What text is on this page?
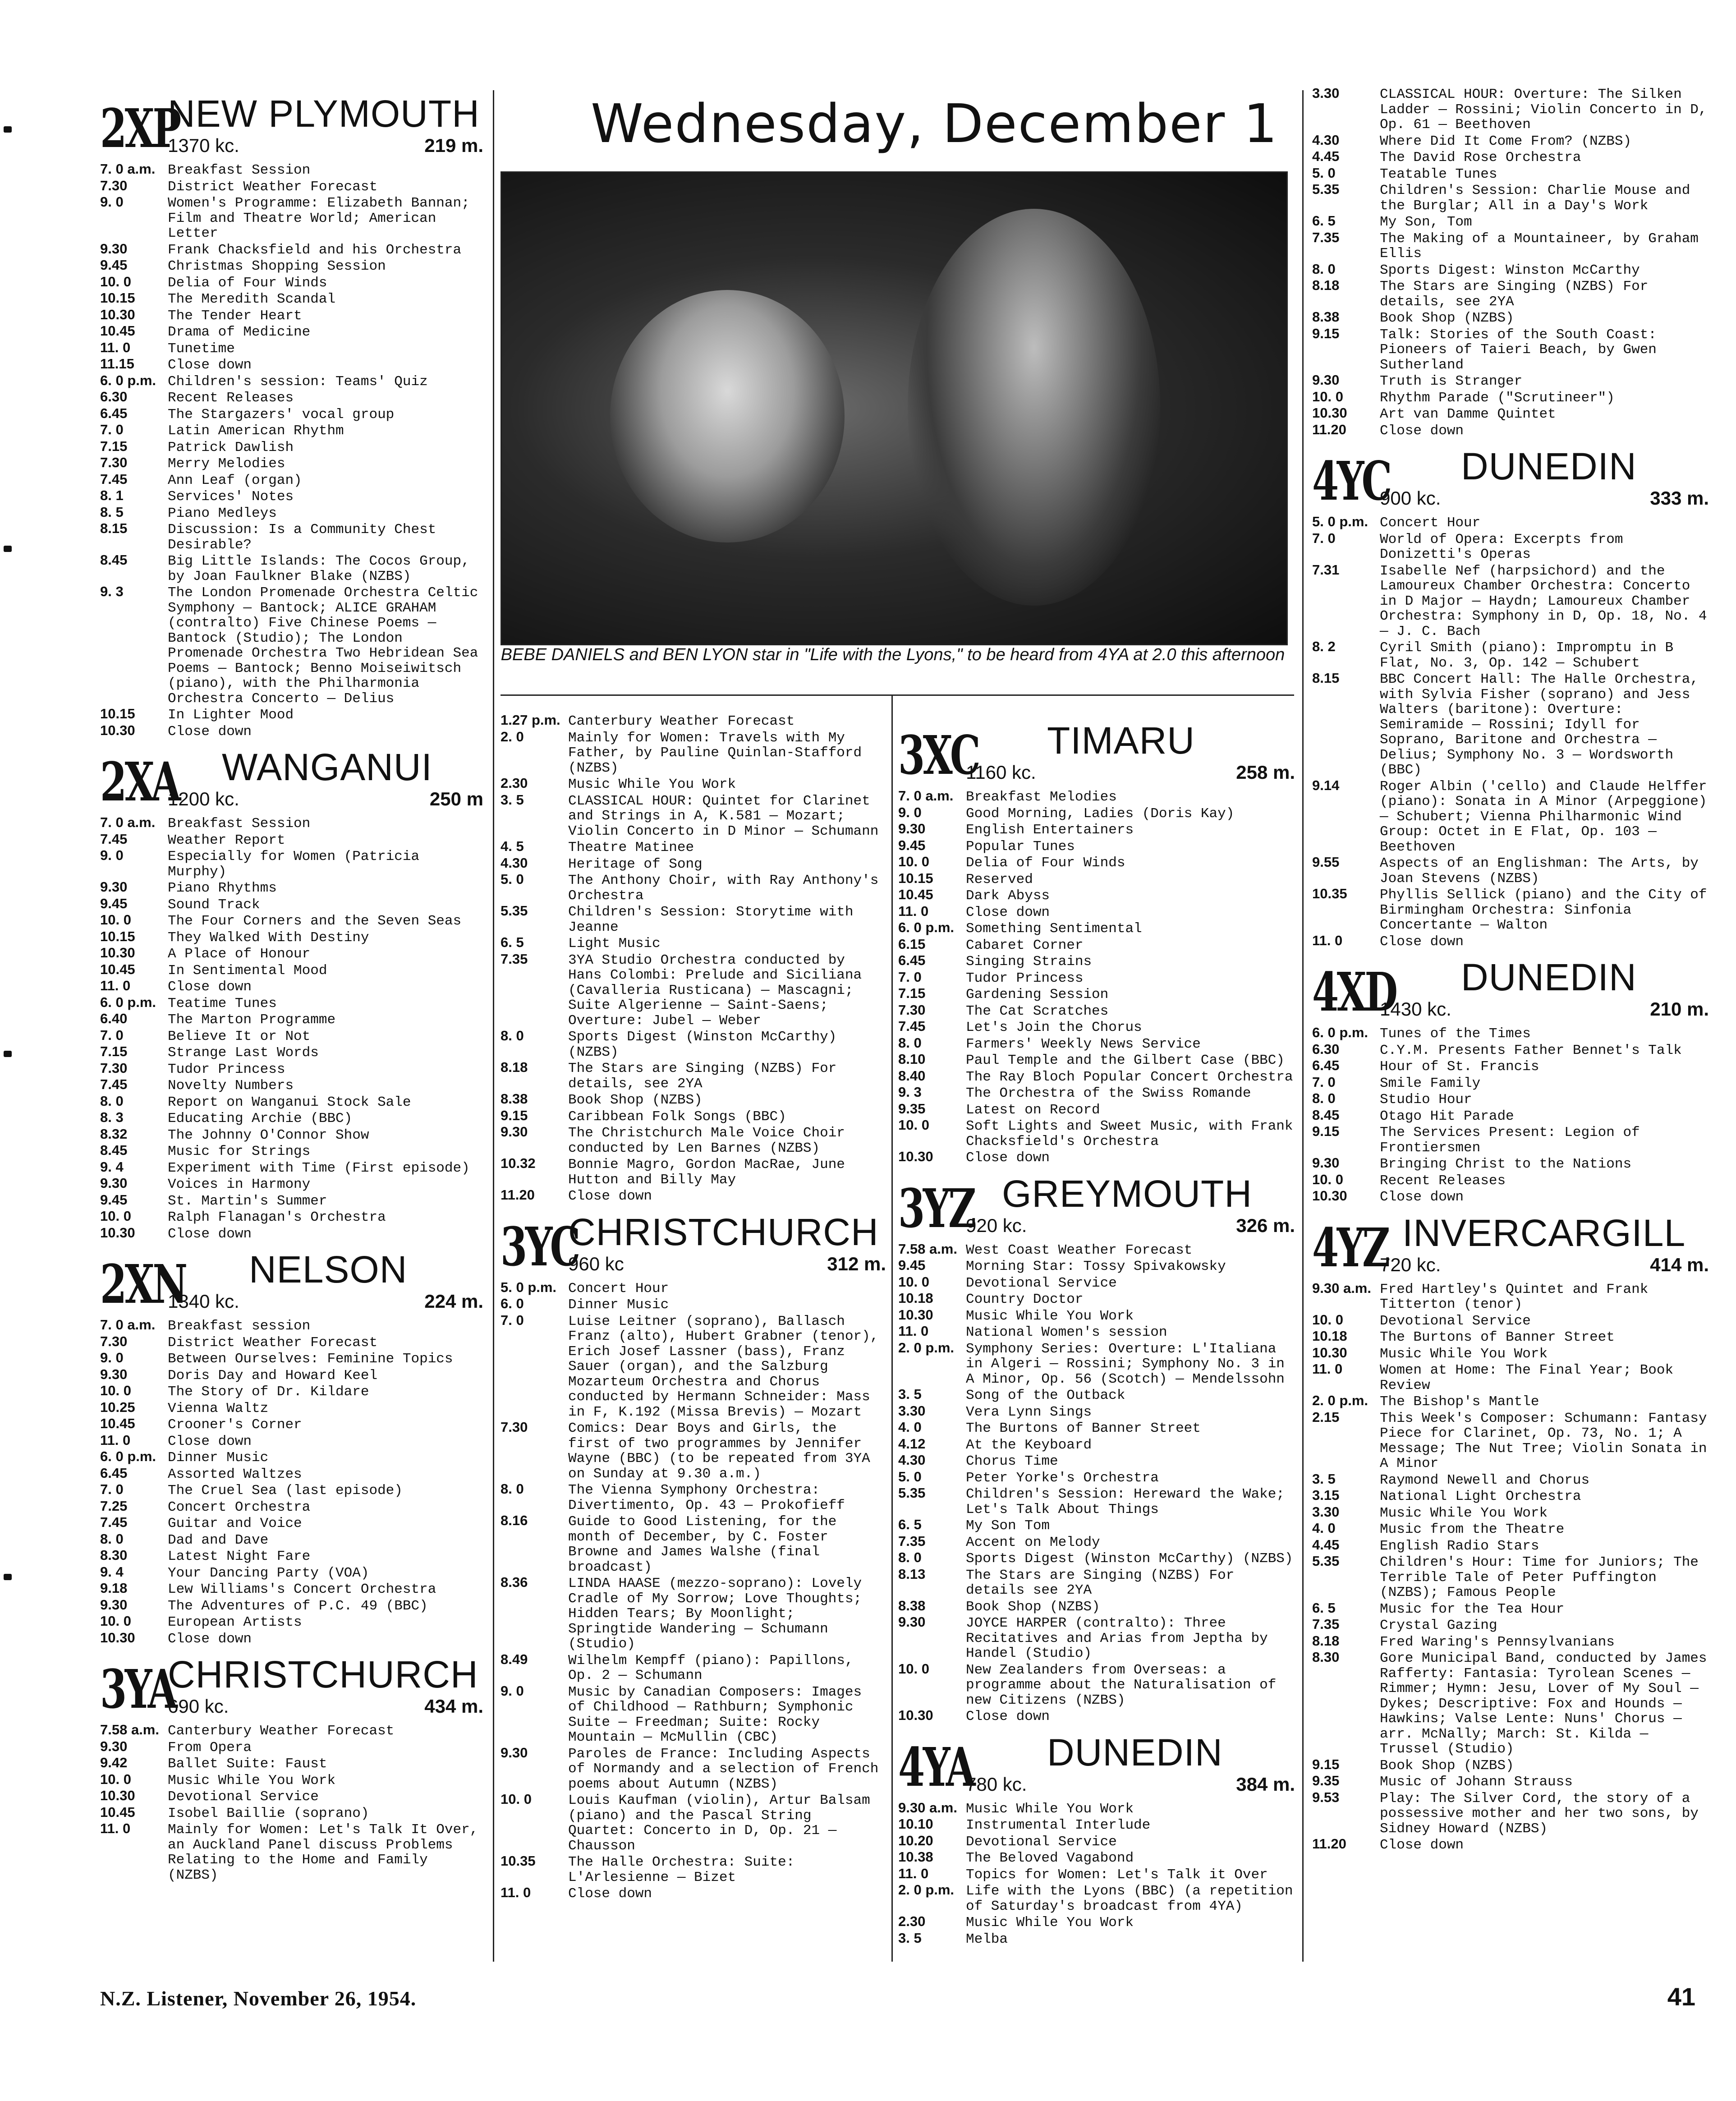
Wednesday, December 1
BEBE DANIELS and BEN LYON star in "Life with the Lyons," to be heard from 4YA at 2.0 this afternoon
2XP
NEW PLYMOUTH
1370 kc.	219 m.
7. 0 a.m. Breakfast Session
7.30	District Weather Forecast
9. 0	Women's Programme: Elizabeth Bannan; Film and Theatre World; American Letter
9.30	Frank Chacksfield and his Orchestra
9.45	Christmas Shopping Session
10. 0	Delia of Four Winds
10.15 The Meredith Scandal
10.30 The Tender Heart
10.45 Drama of Medicine
11. 0	Tunetime
11.15 Close down
6. 0 p.m. Children's session: Teams' Quiz
6.30	Recent Releases
6.45	The Stargazers' vocal group
7. 0	Latin American Rhythm
7.15	Patrick Dawlish
7.30	Merry Melodies
7.45	Ann Leaf (organ)
8. 1	Services' Notes
8. 5	Piano Medleys
8.15	Discussion: Is a Community Chest Desirable?
8.45	Big Little Islands: The Cocos Group, by Joan Faulkner Blake (NZBS)
9. 3	The London Promenade Orchestra Celtic Symphony — Bantock; ALICE GRAHAM (contralto) Five Chinese Poems — Bantock (Studio); The London Promenade Orchestra Two Hebridean Sea Poems — Bantock; Benno Moiseiwitsch (piano), with the Philharmonia Orchestra Concerto — Delius
10.15 In Lighter Mood
10.30 Close down
2XA WANGANUI
1200 kc.	250 m
7. 0 a.m. Breakfast Session
7.45	Weather Report
9. 0	Especially for Women (Patricia Murphy)
9.30	Piano Rhythms
9.45	Sound Track
10. 0	The Four Corners and the Seven Seas
10.15 They Walked With Destiny
10.30 A Place of Honour
10.45 In Sentimental Mood
11. 0	Close down
6. 0 p.m. Teatime Tunes
6.40	The Marton Programme
7. 0	Believe It or Not
7.15	Strange Last Words
7.30	Tudor Princess
7.45	Novelty Numbers
8. 0	Report on Wanganui Stock Sale
8. 3	Educating Archie (BBC)
8.32	The Johnny O'Connor Show
8.45	Music for Strings
9. 4	Experiment with Time (First episode)
9.30	Voices in Harmony
9.45	St. Martin's Summer
10. 0	Ralph Flanagan's Orchestra
10.30 Close down
2XN NELSON
1340 kc.	224 m.
7. 0 a.m. Breakfast session
7.30	District Weather Forecast
9. 0	Between Ourselves: Feminine Topics
9.30	Doris Day and Howard Keel
10. 0	The Story of Dr. Kildare
10.25 Vienna Waltz
10.45 Crooner's Corner
11. 0	Close down
6. 0 p.m. Dinner Music
6.45	Assorted Waltzes
7. 0	The Cruel Sea (last episode)
7.25	Concert Orchestra
7.45	Guitar and Voice
8. 0	Dad and Dave
8.30	Latest Night Fare
9. 4	Your Dancing Party (VOA)
9.18	Lew Williams's Concert Orchestra
9.30	The Adventures of P.C. 49 (BBC)
10. 0	European Artists
10.30 Close down
3YA
CHRISTCHURCH
690 kc.	434 m.
7.58 a.m. Canterbury Weather Forecast
9.30	From Opera
9.42	Ballet Suite: Faust
10. 0	Music While You Work
10.30 Devotional Service
10.45 Isobel Baillie (soprano)
11. 0	Mainly for Women: Let's Talk It Over, an Auckland Panel discuss Problems Relating to the Home and Family (NZBS)
1.27 p.m. Canterbury Weather Forecast
2. 0	Mainly for Women: Travels with My Father, by Pauline Quinlan-Stafford (NZBS)
2.30	Music While You Work
3. 5	CLASSICAL HOUR: Quintet for Clarinet and Strings in A, K.581 — Mozart; Violin Concerto in D Minor — Schumann
4. 5	Theatre Matinee
4.30	Heritage of Song
5. 0	The Anthony Choir, with Ray Anthony's Orchestra
5.35	Children's Session: Storytime with Jeanne
6. 5	Light Music
7.35	3YA Studio Orchestra conducted by Hans Colombi: Prelude and Siciliana (Cavalleria Rusticana) — Mascagni; Suite Algerienne — Saint-Saens; Overture: Jubel — Weber
8. 0	Sports Digest (Winston McCarthy) (NZBS)
8.18	The Stars are Singing (NZBS) For details, see 2YA
8.38	Book Shop (NZBS)
9.15	Caribbean Folk Songs (BBC)
9.30	The Christchurch Male Voice Choir conducted by Len Barnes (NZBS)
10.32 Bonnie Magro, Gordon MacRae, June Hutton and Billy May
11.20 Close down
3YC
CHRISTCHURCH
960 kc	312 m.
5. 0 p.m. Concert Hour
6. 0	Dinner Music
7. 0	Luise Leitner (soprano), Ballasch Franz (alto), Hubert Grabner (tenor), Erich Josef Lassner (bass), Franz Sauer (organ), and the Salzburg Mozarteum Orchestra and Chorus conducted by Hermann Schneider: Mass in F, K.192 (Missa Brevis) — Mozart
7.30	Comics: Dear Boys and Girls, the first of two programmes by Jennifer Wayne (BBC) (to be repeated from 3YA on Sunday at 9.30 a.m.)
8. 0	The Vienna Symphony Orchestra: Divertimento, Op. 43 — Prokofieff
8.16	Guide to Good Listening, for the month of December, by C. Foster Browne and James Walshe (final broadcast)
8.36	LINDA HAASE (mezzo-soprano): Lovely Cradle of My Sorrow; Love Thoughts; Hidden Tears; By Moonlight; Springtide Wandering — Schumann (Studio)
8.49	Wilhelm Kempff (piano): Papillons, Op. 2 — Schumann
9. 0	Music by Canadian Composers: Images of Childhood — Rathburn; Symphonic Suite — Freedman; Suite: Rocky Mountain — McMullin (CBC)
9.30	Paroles de France: Including Aspects of Normandy and a selection of French poems about Autumn (NZBS)
10. 0	Louis Kaufman (violin), Artur Balsam (piano) and the Pascal String Quartet: Concerto in D, Op. 21 — Chausson
10.35 The Halle Orchestra: Suite: L'Arlesienne — Bizet
11. 0	Close down
3XC TIMARU
1160 kc.	258 m.
7. 0 a.m. Breakfast Melodies
9. 0	Good Morning, Ladies (Doris Kay)
9.30	English Entertainers
9.45	Popular Tunes
10. 0	Delia of Four Winds
10.15 Reserved
10.45 Dark Abyss
11. 0	Close down
6. 0 p.m. Something Sentimental
6.15	Cabaret Corner
6.45	Singing Strains
7. 0	Tudor Princess
7.15	Gardening Session
7.30	The Cat Scratches
7.45	Let's Join the Chorus
8. 0	Farmers' Weekly News Service
8.10	Paul Temple and the Gilbert Case (BBC)
8.40	The Ray Bloch Popular Concert Orchestra
9. 3	The Orchestra of the Swiss Romande
9.35	Latest on Record
10. 0	Soft Lights and Sweet Music, with Frank Chacksfield's Orchestra
10.30 Close down
3YZ GREYMOUTH
920 kc.	326 m.
7.58 a.m. West Coast Weather Forecast
9.45	Morning Star: Tossy Spivakowsky
10. 0	Devotional Service
10.18 Country Doctor
10.30 Music While You Work
11. 0	National Women's session
2. 0 p.m. Symphony Series: Overture: L'Italiana in Algeri — Rossini; Symphony No. 3 in A Minor, Op. 56 (Scotch) — Mendelssohn
3. 5	Song of the Outback
3.30	Vera Lynn Sings
4. 0	The Burtons of Banner Street
4.12	At the Keyboard
4.30	Chorus Time
5. 0	Peter Yorke's Orchestra
5.35	Children's Session: Hereward the Wake; Let's Talk About Things
6. 5	My Son Tom
7.35	Accent on Melody
8. 0	Sports Digest (Winston McCarthy) (NZBS)
8.13	The Stars are Singing (NZBS) For details see 2YA
8.38	Book Shop (NZBS)
9.30	JOYCE HARPER (contralto): Three Recitatives and Arias from Jeptha by Handel (Studio)
10. 0	New Zealanders from Overseas: a programme about the Naturalisation of new Citizens (NZBS)
10.30 Close down
4YA DUNEDIN
780 kc.	384 m.
9.30 a.m. Music While You Work
10.10 Instrumental Interlude
10.20 Devotional Service
10.38 The Beloved Vagabond
11. 0	Topics for Women: Let's Talk it Over
2. 0 p.m. Life with the Lyons (BBC) (a repetition of Saturday's broadcast from 4YA)
2.30	Music While You Work
3. 5	Melba
3.30	CLASSICAL HOUR: Overture: The Silken Ladder — Rossini; Violin Concerto in D, Op. 61 — Beethoven
4.30	Where Did It Come From? (NZBS)
4.45	The David Rose Orchestra
5. 0	Teatable Tunes
5.35	Children's Session: Charlie Mouse and the Burglar; All in a Day's Work
6. 5	My Son, Tom
7.35	The Making of a Mountaineer, by Graham Ellis
8. 0	Sports Digest: Winston McCarthy
8.18	The Stars are Singing (NZBS) For details, see 2YA
8.38	Book Shop (NZBS)
9.15	Talk: Stories of the South Coast: Pioneers of Taieri Beach, by Gwen Sutherland
9.30	Truth is Stranger
10. 0	Rhythm Parade ("Scrutineer")
10.30 Art van Damme Quintet
11.20 Close down
4YC DUNEDIN
900 kc.	333 m.
5. 0 p.m. Concert Hour
7. 0	World of Opera: Excerpts from Donizetti's Operas
7.31	Isabelle Nef (harpsichord) and the Lamoureux Chamber Orchestra: Concerto in D Major — Haydn; Lamoureux Chamber Orchestra: Symphony in D, Op. 18, No. 4 — J. C. Bach
8. 2	Cyril Smith (piano): Impromptu in B Flat, No. 3, Op. 142 — Schubert
8.15	BBC Concert Hall: The Halle Orchestra, with Sylvia Fisher (soprano) and Jess Walters (baritone): Overture: Semiramide — Rossini; Idyll for Soprano, Baritone and Orchestra — Delius; Symphony No. 3 — Wordsworth (BBC)
9.14	Roger Albin ('cello) and Claude Helffer (piano): Sonata in A Minor (Arpeggione) — Schubert; Vienna Philharmonic Wind Group: Octet in E Flat, Op. 103 — Beethoven
9.55	Aspects of an Englishman: The Arts, by Joan Stevens (NZBS)
10.35 Phyllis Sellick (piano) and the City of Birmingham Orchestra: Sinfonia Concertante — Walton
11. 0	Close down
4XD DUNEDIN
1430 kc.	210 m.
6. 0 p.m. Tunes of the Times
6.30	C.Y.M. Presents Father Bennet's Talk
6.45	Hour of St. Francis
7. 0	Smile Family
8. 0	Studio Hour
8.45	Otago Hit Parade
9.15	The Services Present: Legion of Frontiersmen
9.30	Bringing Christ to the Nations
10. 0	Recent Releases
10.30 Close down
4YZ INVERCARGILL
720 kc.	414 m.
9.30 a.m. Fred Hartley's Quintet and Frank Titterton (tenor)
10. 0	Devotional Service
10.18 The Burtons of Banner Street
10.30 Music While You Work
11. 0	Women at Home: The Final Year; Book Review
2. 0 p.m. The Bishop's Mantle
2.15	This Week's Composer: Schumann: Fantasy Piece for Clarinet, Op. 73, No. 1; A Message; The Nut Tree; Violin Sonata in A Minor
3. 5	Raymond Newell and Chorus
3.15	National Light Orchestra
3.30	Music While You Work
4. 0	Music from the Theatre
4.45	English Radio Stars
5.35	Children's Hour: Time for Juniors; The Terrible Tale of Peter Puffington (NZBS); Famous People
6. 5	Music for the Tea Hour
7.35	Crystal Gazing
8.18	Fred Waring's Pennsylvanians
8.30	Gore Municipal Band, conducted by James Rafferty: Fantasia: Tyrolean Scenes — Rimmer; Hymn: Jesu, Lover of My Soul — Dykes; Descriptive: Fox and Hounds — Hawkins; Valse Lente: Nuns' Chorus — arr. McNally; March: St. Kilda — Trussel (Studio)
9.15	Book Shop (NZBS)
9.35	Music of Johann Strauss
9.53	Play: The Silver Cord, the story of a possessive mother and her two sons, by Sidney Howard (NZBS)
11.20 Close down
N.Z. Listener, November 26, 1954.	41
